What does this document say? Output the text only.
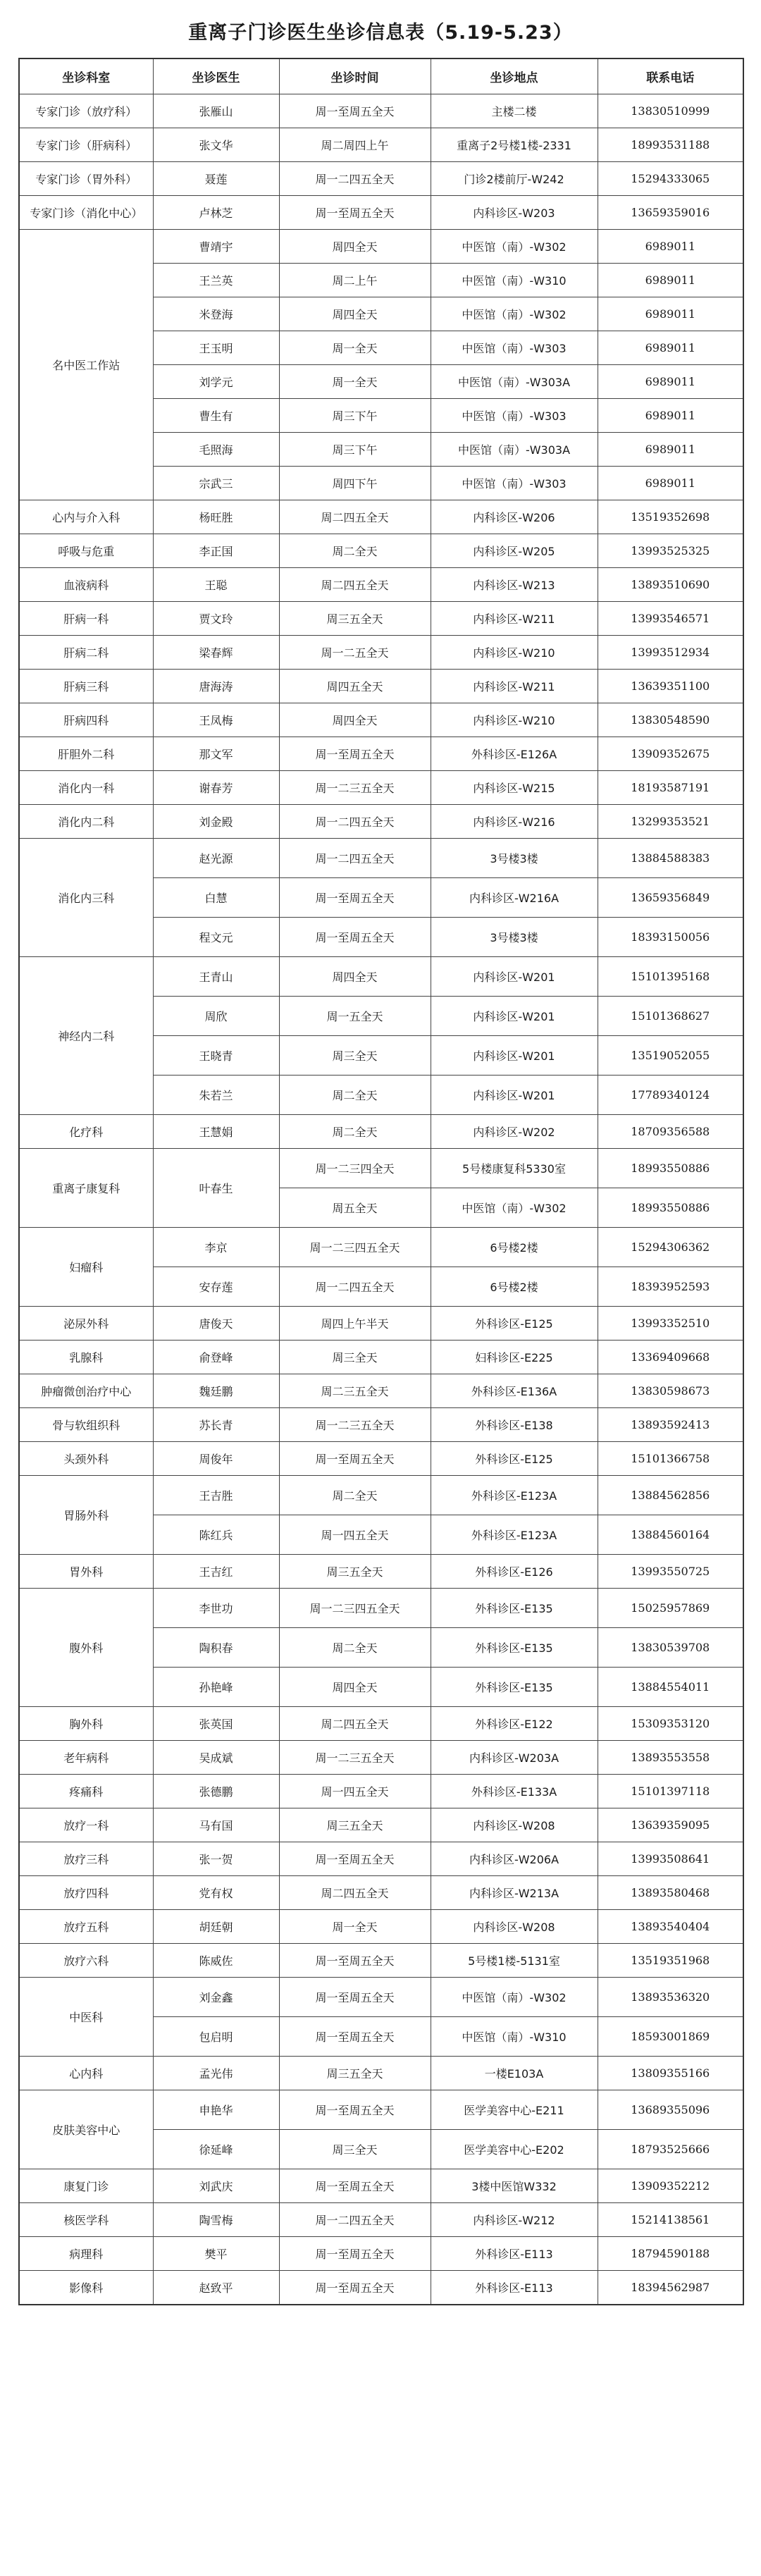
重离子门诊医生坐诊信息表（5.19-5.23）
坐诊科室	坐诊医生	坐诊时间	坐诊地点	联系电话
专家门诊（放疗科）	张雁山	周一至周五全天	主楼二楼	13830510999
专家门诊（肝病科）	张文华	周二周四上午	重离子2号楼1楼-2331	18993531188
专家门诊（胃外科）	聂莲	周一二四五全天	门诊2楼前厅-W242	15294333065
专家门诊（消化中心）	卢林芝	周一至周五全天	内科诊区-W203	13659359016
名中医工作站	曹靖宇	周四全天	中医馆（南）-W302	6989011
	王兰英	周二上午	中医馆（南）-W310	6989011
	米登海	周四全天	中医馆（南）-W302	6989011
	王玉明	周一全天	中医馆（南）-W303	6989011
	刘学元	周一全天	中医馆（南）-W303A	6989011
	曹生有	周三下午	中医馆（南）-W303	6989011
	毛照海	周三下午	中医馆（南）-W303A	6989011
	宗武三	周四下午	中医馆（南）-W303	6989011
心内与介入科	杨旺胜	周二四五全天	内科诊区-W206	13519352698
呼吸与危重	李正国	周二全天	内科诊区-W205	13993525325
血液病科	王聪	周二四五全天	内科诊区-W213	13893510690
肝病一科	贾文玲	周三五全天	内科诊区-W211	13993546571
肝病二科	梁春辉	周一二五全天	内科诊区-W210	13993512934
肝病三科	唐海涛	周四五全天	内科诊区-W211	13639351100
肝病四科	王凤梅	周四全天	内科诊区-W210	13830548590
肝胆外二科	那文军	周一至周五全天	外科诊区-E126A	13909352675
消化内一科	谢春芳	周一二三五全天	内科诊区-W215	18193587191
消化内二科	刘金殿	周一二四五全天	内科诊区-W216	13299353521
消化内三科	赵光源	周一二四五全天	3号楼3楼	13884588383
	白慧	周一至周五全天	内科诊区-W216A	13659356849
	程文元	周一至周五全天	3号楼3楼	18393150056
神经内二科	王青山	周四全天	内科诊区-W201	15101395168
	周欣	周一五全天	内科诊区-W201	15101368627
	王晓青	周三全天	内科诊区-W201	13519052055
	朱若兰	周二全天	内科诊区-W201	17789340124
化疗科	王慧娟	周二全天	内科诊区-W202	18709356588
重离子康复科	叶春生	周一二三四全天	5号楼康复科5330室	18993550886
		周五全天	中医馆（南）-W302	18993550886
妇瘤科	李京	周一二三四五全天	6号楼2楼	15294306362
	安存莲	周一二四五全天	6号楼2楼	18393952593
泌尿外科	唐俊天	周四上午半天	外科诊区-E125	13993352510
乳腺科	俞登峰	周三全天	妇科诊区-E225	13369409668
肿瘤微创治疗中心	魏廷鹏	周二三五全天	外科诊区-E136A	13830598673
骨与软组织科	苏长青	周一二三五全天	外科诊区-E138	13893592413
头颈外科	周俊年	周一至周五全天	外科诊区-E125	15101366758
胃肠外科	王吉胜	周二全天	外科诊区-E123A	13884562856
	陈红兵	周一四五全天	外科诊区-E123A	13884560164
胃外科	王吉红	周三五全天	外科诊区-E126	13993550725
腹外科	李世功	周一二三四五全天	外科诊区-E135	15025957869
	陶积春	周二全天	外科诊区-E135	13830539708
	孙艳峰	周四全天	外科诊区-E135	13884554011
胸外科	张英国	周二四五全天	外科诊区-E122	15309353120
老年病科	吴成斌	周一二三五全天	内科诊区-W203A	13893553558
疼痛科	张德鹏	周一四五全天	外科诊区-E133A	15101397118
放疗一科	马有国	周三五全天	内科诊区-W208	13639359095
放疗三科	张一贺	周一至周五全天	内科诊区-W206A	13993508641
放疗四科	党有权	周二四五全天	内科诊区-W213A	13893580468
放疗五科	胡廷朝	周一全天	内科诊区-W208	13893540404
放疗六科	陈威佐	周一至周五全天	5号楼1楼-5131室	13519351968
中医科	刘金鑫	周一至周五全天	中医馆（南）-W302	13893536320
	包启明	周一至周五全天	中医馆（南）-W310	18593001869
心内科	孟光伟	周三五全天	一楼E103A	13809355166
皮肤美容中心	申艳华	周一至周五全天	医学美容中心-E211	13689355096
	徐延峰	周三全天	医学美容中心-E202	18793525666
康复门诊	刘武庆	周一至周五全天	3楼中医馆W332	13909352212
核医学科	陶雪梅	周一二四五全天	内科诊区-W212	15214138561
病理科	樊平	周一至周五全天	外科诊区-E113	18794590188
影像科	赵致平	周一至周五全天	外科诊区-E113	18394562987
